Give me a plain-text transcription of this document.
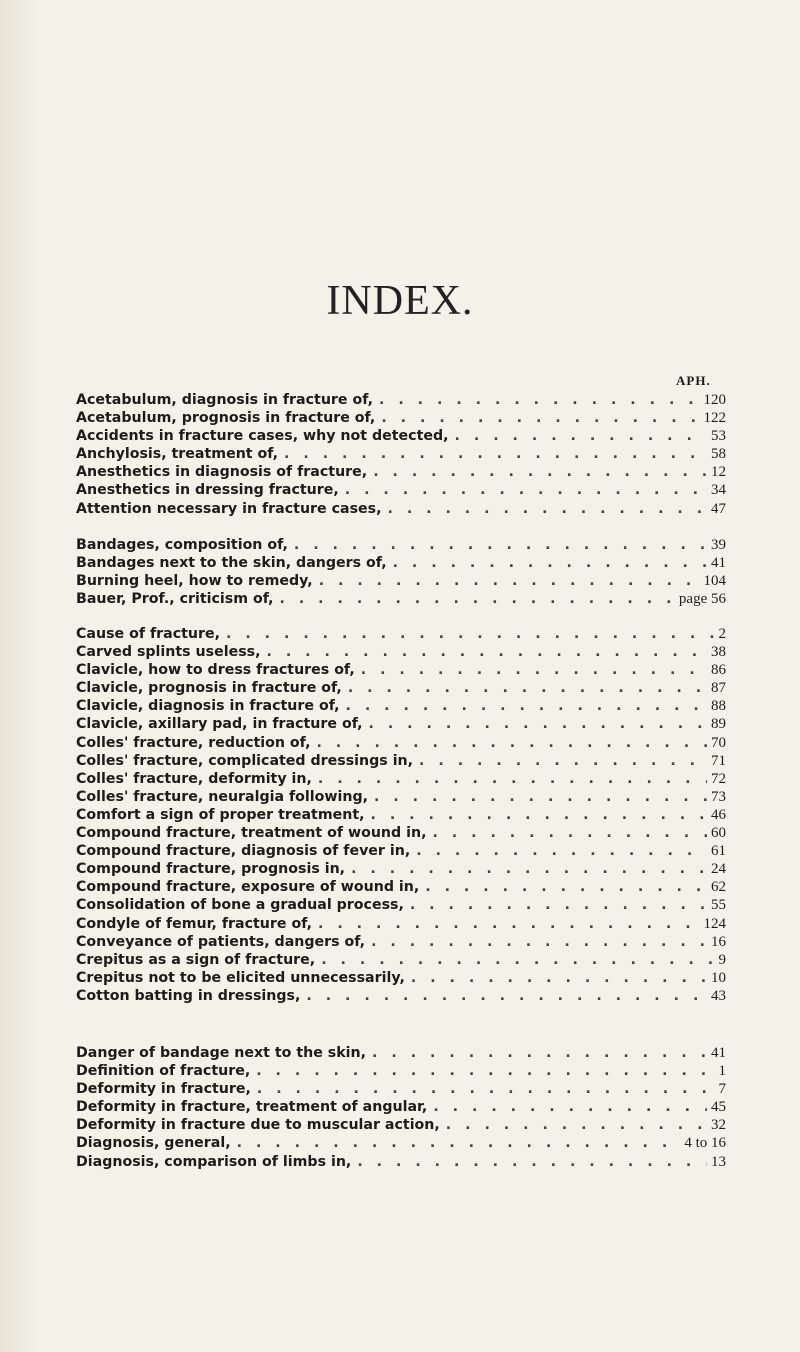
INDEX.
APH.
Acetabulum, diagnosis in fracture of, . . .	120
Acetabulum, prognosis in fracture of, . . .	122
Accidents in fracture cases, why not detected, . . .	53
Anchylosis, treatment of, . . .	58
Anesthetics in diagnosis of fracture, . . .	12
Anesthetics in dressing fracture, . . .	34
Attention necessary in fracture cases, . . .	47
Bandages, composition of, . . .	39
Bandages next to the skin, dangers of, . . .	41
Burning heel, how to remedy, . . .	104
Bauer, Prof., criticism of, . . .	page 56
Cause of fracture, . . .	2
Carved splints useless, . . .	38
Clavicle, how to dress fractures of, . . .	86
Clavicle, prognosis in fracture of, . . .	87
Clavicle, diagnosis in fracture of, . . .	88
Clavicle, axillary pad, in fracture of, . . .	89
Colles' fracture, reduction of, . . .	70
Colles' fracture, complicated dressings in, . . .	71
Colles' fracture, deformity in, . . .	72
Colles' fracture, neuralgia following, . . .	73
Comfort a sign of proper treatment, . . .	46
Compound fracture, treatment of wound in, . . .	60
Compound fracture, diagnosis of fever in, . . .	61
Compound fracture, prognosis in, . . .	24
Compound fracture, exposure of wound in, . . .	62
Consolidation of bone a gradual process, . . .	55
Condyle of femur, fracture of, . . .	124
Conveyance of patients, dangers of, . . .	16
Crepitus as a sign of fracture, . . .	9
Crepitus not to be elicited unnecessarily, . . .	10
Cotton batting in dressings, . . .	43
Danger of bandage next to the skin, . . .	41
Definition of fracture, . . .	1
Deformity in fracture, . . .	7
Deformity in fracture, treatment of angular, . . .	45
Deformity in fracture due to muscular action, . . .	32
Diagnosis, general, . . .	4 to 16
Diagnosis, comparison of limbs in, . . .	13
